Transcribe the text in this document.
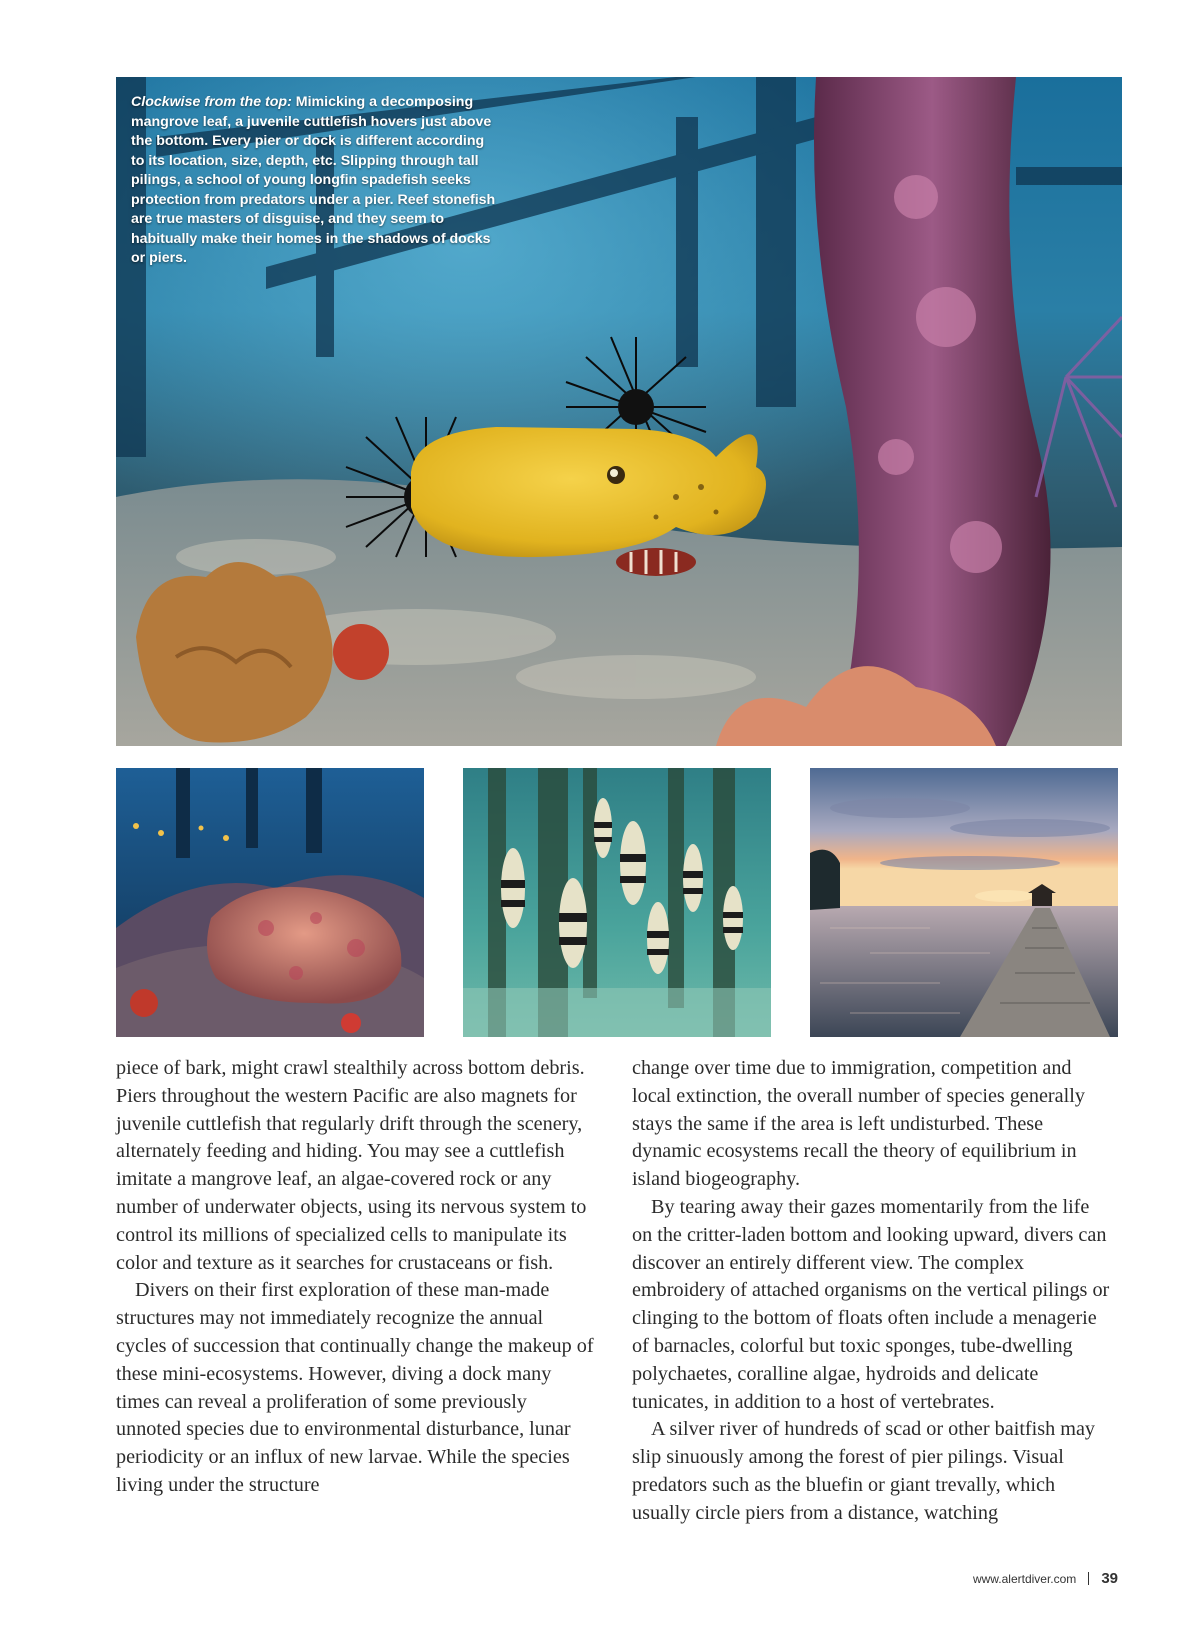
Clockwise from the top: Mimicking a decomposing mangrove leaf, a juvenile cuttlefish hovers just above the bottom. Every pier or dock is different according to its location, size, depth, etc. Slipping through tall pilings, a school of young longfin spadefish seeks protection from predators under a pier. Reef stonefish are true masters of disguise, and they seem to habitually make their homes in the shadows of docks or piers.

piece of bark, might crawl stealthily across bottom debris. Piers throughout the western Pacific are also magnets for juvenile cuttlefish that regularly drift through the scenery, alternately feeding and hiding. You may see a cuttlefish imitate a mangrove leaf, an algae-covered rock or any number of underwater objects, using its nervous system to control its millions of specialized cells to manipulate its color and texture as it searches for crustaceans or fish.

Divers on their first exploration of these man-made structures may not immediately recognize the annual cycles of succession that continually change the makeup of these mini-ecosystems. However, diving a dock many times can reveal a proliferation of some previously unnoted species due to environmental disturbance, lunar periodicity or an influx of new larvae. While the species living under the structure

change over time due to immigration, competition and local extinction, the overall number of species generally stays the same if the area is left undisturbed. These dynamic ecosystems recall the theory of equilibrium in island biogeography.

By tearing away their gazes momentarily from the life on the critter-laden bottom and looking upward, divers can discover an entirely different view. The complex embroidery of attached organisms on the vertical pilings or clinging to the bottom of floats often include a menagerie of barnacles, colorful but toxic sponges, tube-dwelling polychaetes, coralline algae, hydroids and delicate tunicates, in addition to a host of vertebrates.

A silver river of hundreds of scad or other baitfish may slip sinuously among the forest of pier pilings. Visual predators such as the bluefin or giant trevally, which usually circle piers from a distance, watching

www.alertdiver.com 39
